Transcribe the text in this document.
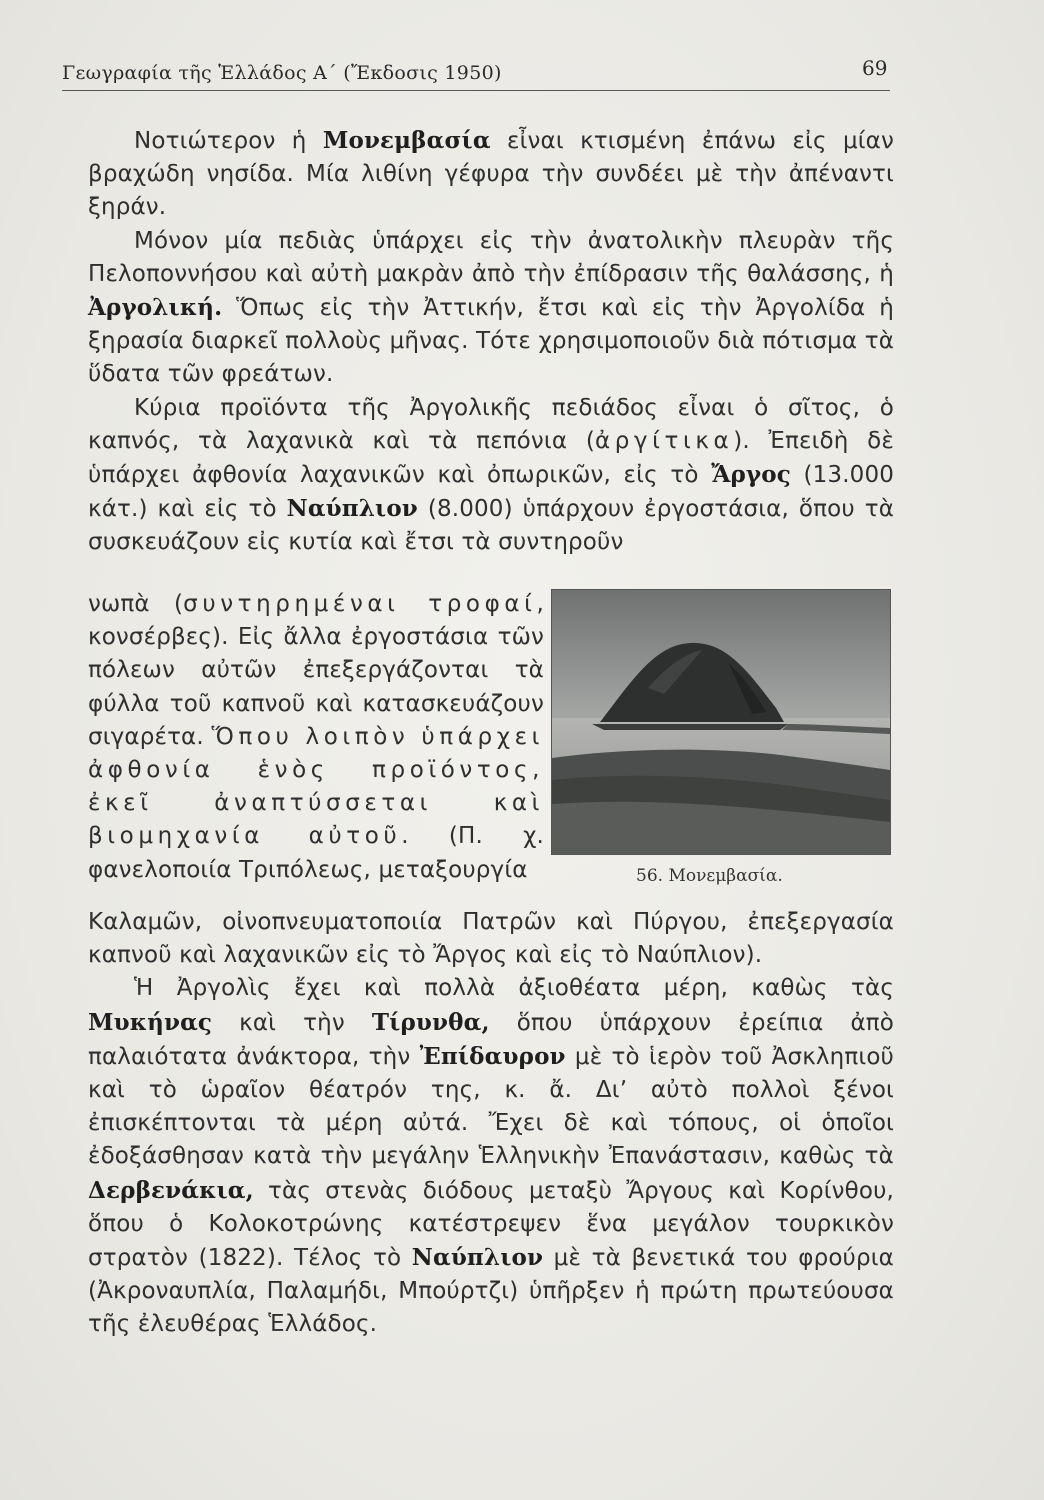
Γεωγραφία τῆς Ἑλλάδος Α΄ (Ἔκδοσις 1950)	69

Νοτιώτερον ἡ Μονεμβασία εἶναι κτισμένη ἐπάνω εἰς μίαν βραχώδη νησίδα. Μία λιθίνη γέφυρα τὴν συνδέει μὲ τὴν ἀπέναντι ξηράν.

Μόνον μία πεδιὰς ὑπάρχει εἰς τὴν ἀνατολικὴν πλευρὰν τῆς Πελοποννήσου καὶ αὐτὴ μακρὰν ἀπὸ τὴν ἐπίδρασιν τῆς θαλάσσης, ἡ Ἀργολική. Ὅπως εἰς τὴν Ἀττικήν, ἔτσι καὶ εἰς τὴν Ἀργολίδα ἡ ξηρασία διαρκεῖ πολλοὺς μῆνας. Τότε χρησιμοποιοῦν διὰ πότισμα τὰ ὕδατα τῶν φρεάτων.

Κύρια προϊόντα τῆς Ἀργολικῆς πεδιάδος εἶναι ὁ σῖτος, ὁ καπνός, τὰ λαχανικὰ καὶ τὰ πεπόνια (ἀργίτικα). Ἐπειδὴ δὲ ὑπάρχει ἀφθονία λαχανικῶν καὶ ὀπωρικῶν, εἰς τὸ Ἄργος (13.000 κάτ.) καὶ εἰς τὸ Ναύπλιον (8.000) ὑπάρχουν ἐργοστάσια, ὅπου τὰ συσκευάζουν εἰς κυτία καὶ ἔτσι τὰ συντηροῦν

νωπὰ (συντηρημέναι τροφαί, κονσέρβες). Εἰς ἄλλα ἐργοστάσια τῶν πόλεων αὐτῶν ἐπεξεργάζονται τὰ φύλλα τοῦ καπνοῦ καὶ κατασκευάζουν σιγαρέτα. Ὅπου λοιπὸν ὑπάρχει ἀφθονία ἑνὸς προϊόντος, ἐκεῖ ἀναπτύσσεται καὶ βιομηχανία αὐτοῦ. (Π. χ. φανελοποιία Τριπόλεως, μεταξουργία	56. Μονεμβασία.

Καλαμῶν, οἰνοπνευματοποιία Πατρῶν καὶ Πύργου, ἐπεξεργασία καπνοῦ καὶ λαχανικῶν εἰς τὸ Ἄργος καὶ εἰς τὸ Ναύπλιον).

Ἡ Ἀργολὶς ἔχει καὶ πολλὰ ἀξιοθέατα μέρη, καθὼς τὰς Μυκήνας καὶ τὴν Τίρυνθα, ὅπου ὑπάρχουν ἐρείπια ἀπὸ παλαιότατα ἀνάκτορα, τὴν Ἐπίδαυρον μὲ τὸ ἱερὸν τοῦ Ἀσκληπιοῦ καὶ τὸ ὡραῖον θέατρόν της, κ. ἄ. Διʼ αὐτὸ πολλοὶ ξένοι ἐπισκέπτονται τὰ μέρη αὐτά. Ἔχει δὲ καὶ τόπους, οἱ ὁποῖοι ἐδοξάσθησαν κατὰ τὴν μεγάλην Ἑλληνικὴν Ἐπανάστασιν, καθὼς τὰ Δερβενάκια, τὰς στενὰς διόδους μεταξὺ Ἄργους καὶ Κορίνθου, ὅπου ὁ Κολοκοτρώνης κατέστρεψεν ἕνα μεγάλον τουρκικὸν στρατὸν (1822). Τέλος τὸ Ναύπλιον μὲ τὰ βενετικά του φρούρια (Ἀκροναυπλία, Παλαμήδι, Μπούρτζι) ὑπῆρξεν ἡ πρώτη πρωτεύουσα τῆς ἐλευθέρας Ἑλλάδος.
